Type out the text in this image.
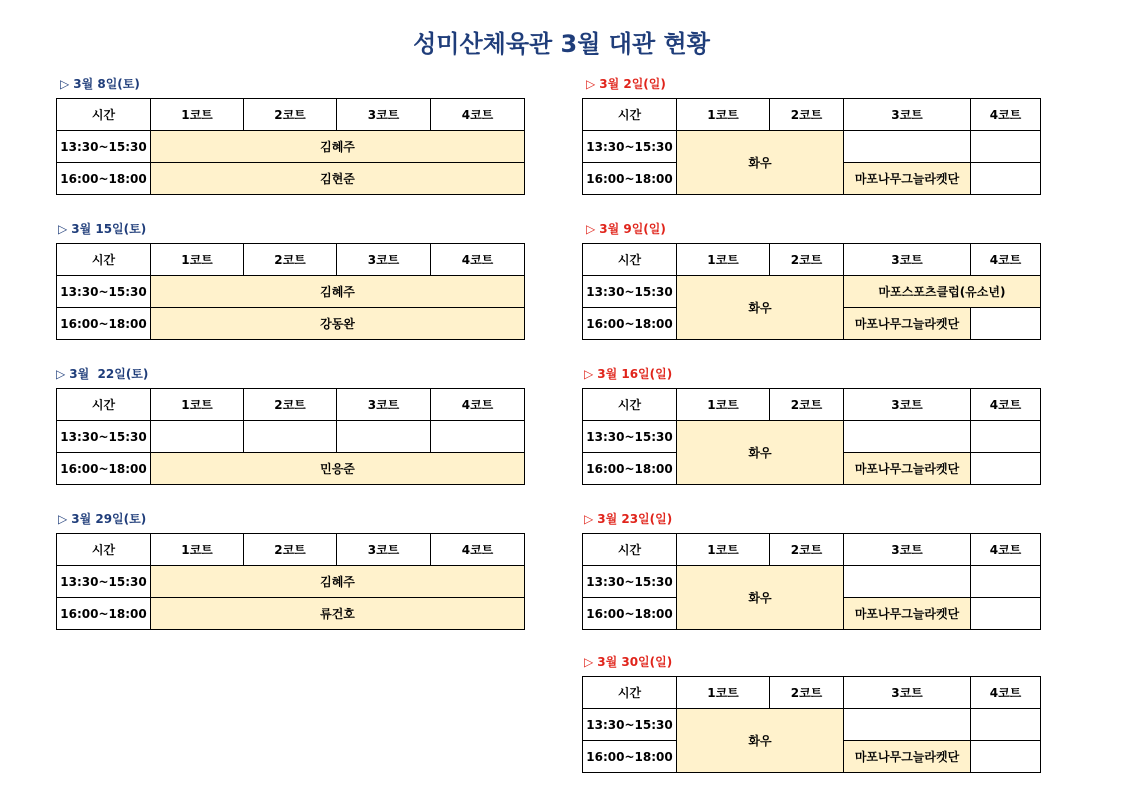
성미산체육관 3월 대관 현황
▷ 3월 8일(토)
시간	1코트	2코트	3코트	4코트
13:30~15:30	김혜주			
16:00~18:00	김현준			
▷ 3월 15일(토)
시간	1코트	2코트	3코트	4코트
13:30~15:30	김혜주			
16:00~18:00	강동완			
▷ 3월  22일(토)
시간	1코트	2코트	3코트	4코트
13:30~15:30				
16:00~18:00	민응준			
▷ 3월 29일(토)
시간	1코트	2코트	3코트	4코트
13:30~15:30	김혜주			
16:00~18:00	류건호			
▷ 3월 2일(일)
시간	1코트	2코트	3코트	4코트
13:30~15:30	화우			
16:00~18:00			마포나무그늘라켓단	
▷ 3월 9일(일)
시간	1코트	2코트	3코트	4코트
13:30~15:30	화우		마포스포츠클럽(유소년)	
16:00~18:00			마포나무그늘라켓단	
▷ 3월 16일(일)
시간	1코트	2코트	3코트	4코트
13:30~15:30	화우			
16:00~18:00			마포나무그늘라켓단	
▷ 3월 23일(일)
시간	1코트	2코트	3코트	4코트
13:30~15:30	화우			
16:00~18:00			마포나무그늘라켓단	
▷ 3월 30일(일)
시간	1코트	2코트	3코트	4코트
13:30~15:30	화우			
16:00~18:00			마포나무그늘라켓단	
